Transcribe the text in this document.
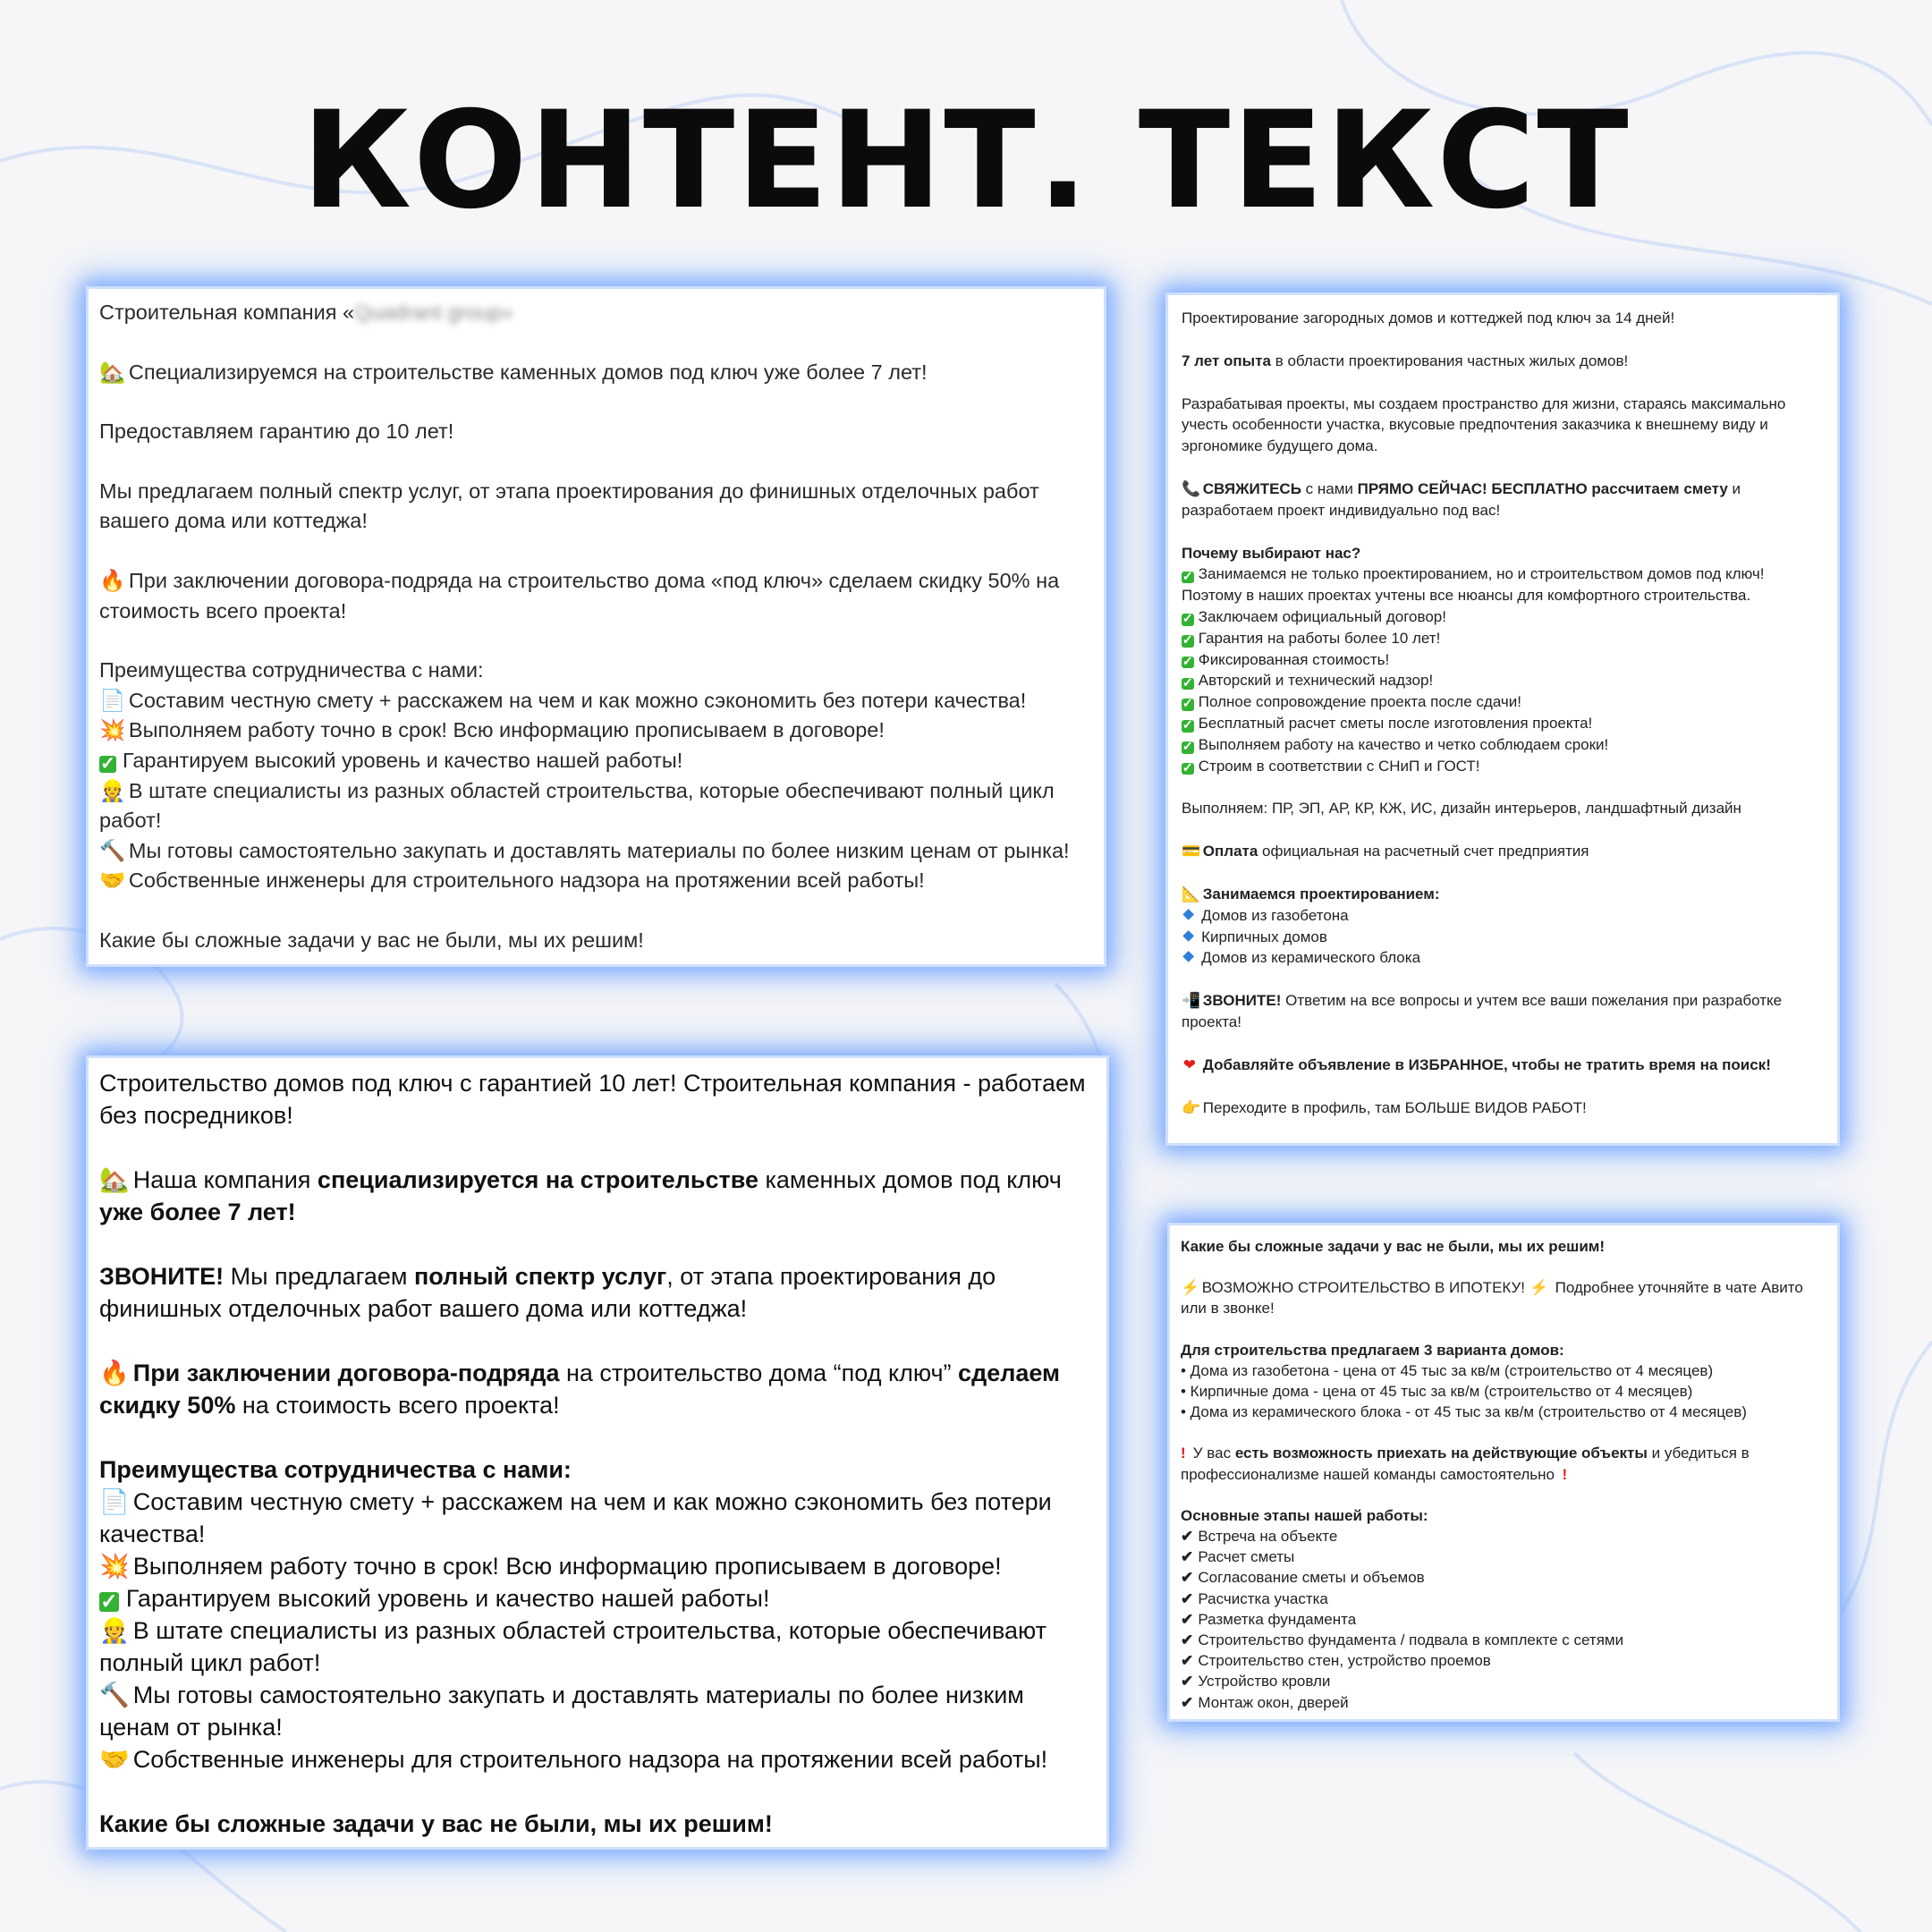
КОНТЕНТ. ТЕКСТ

Строительная компания «Quadrant group»

🏡 Специализируемся на строительстве каменных домов под ключ уже более 7 лет!

Предоставляем гарантию до 10 лет!

Мы предлагаем полный спектр услуг, от этапа проектирования до финишных отделочных работ

вашего дома или коттеджа!

🔥 При заключении договора-подряда на строительство дома «под ключ» сделаем скидку 50% на

стоимость всего проекта!

Преимущества сотрудничества с нами:

📄 Составим честную смету + расскажем на чем и как можно сэкономить без потери качества!

💥 Выполняем работу точно в срок! Всю информацию прописываем в договоре!

✓ Гарантируем высокий уровень и качество нашей работы!

👷 В штате специалисты из разных областей строительства, которые обеспечивают полный цикл

работ!

🔨 Мы готовы самостоятельно закупать и доставлять материалы по более низким ценам от рынка!

🤝 Собственные инженеры для строительного надзора на протяжении всей работы!

Какие бы сложные задачи у вас не были, мы их решим!

Проектирование загородных домов и коттеджей под ключ за 14 дней!

7 лет опыта в области проектирования частных жилых домов!

Разрабатывая проекты, мы создаем пространство для жизни, стараясь максимально

учесть особенности участка, вкусовые предпочтения заказчика к внешнему виду и

эргономике будущего дома.

📞 СВЯЖИТЕСЬ с нами ПРЯМО СЕЙЧАС! БЕСПЛАТНО рассчитаем смету и

разработаем проект индивидуально под вас!

Почему выбирают нас?

✓ Занимаемся не только проектированием, но и строительством домов под ключ!

Поэтому в наших проектах учтены все нюансы для комфортного строительства.

✓ Заключаем официальный договор!

✓ Гарантия на работы более 10 лет!

✓ Фиксированная стоимость!

✓ Авторский и технический надзор!

✓ Полное сопровождение проекта после сдачи!

✓ Бесплатный расчет сметы после изготовления проекта!

✓ Выполняем работу на качество и четко соблюдаем сроки!

✓ Строим в соответствии с СНиП и ГОСТ!

Выполняем: ПР, ЭП, АР, КР, КЖ, ИС, дизайн интерьеров, ландшафтный дизайн

💳 Оплата официальная на расчетный счет предприятия

📐 Занимаемся проектированием:

Домов из газобетона

Кирпичных домов

Домов из керамического блока

📲 ЗВОНИТЕ! Ответим на все вопросы и учтем все ваши пожелания при разработке

проекта!

❤ Добавляйте объявление в ИЗБРАННОЕ, чтобы не тратить время на поиск!

👉 Переходите в профиль, там БОЛЬШЕ ВИДОВ РАБОТ!

Строительство домов под ключ с гарантией 10 лет! Строительная компания - работаем

без посредников!

🏡 Наша компания специализируется на строительстве каменных домов под ключ

уже более 7 лет!

ЗВОНИТЕ! Мы предлагаем полный спектр услуг, от этапа проектирования до

финишных отделочных работ вашего дома или коттеджа!

🔥 При заключении договора-подряда на строительство дома “под ключ” сделаем

скидку 50% на стоимость всего проекта!

Преимущества сотрудничества с нами:

📄 Составим честную смету + расскажем на чем и как можно сэкономить без потери

качества!

💥 Выполняем работу точно в срок! Всю информацию прописываем в договоре!

✓ Гарантируем высокий уровень и качество нашей работы!

👷 В штате специалисты из разных областей строительства, которые обеспечивают

полный цикл работ!

🔨 Мы готовы самостоятельно закупать и доставлять материалы по более низким

ценам от рынка!

🤝 Собственные инженеры для строительного надзора на протяжении всей работы!

Какие бы сложные задачи у вас не были, мы их решим!

Какие бы сложные задачи у вас не были, мы их решим!

⚡ ВОЗМОЖНО СТРОИТЕЛЬСТВО В ИПОТЕКУ! ⚡ Подробнее уточняйте в чате Авито

или в звонке!

Для строительства предлагаем 3 варианта домов:

• Дома из газобетона - цена от 45 тыс за кв/м (строительство от 4 месяцев)

• Кирпичные дома - цена от 45 тыс за кв/м (строительство от 4 месяцев)

• Дома из керамического блока - от 45 тыс за кв/м (строительство от 4 месяцев)

! У вас есть возможность приехать на действующие объекты и убедиться в

профессионализме нашей команды самостоятельно !

Основные этапы нашей работы:

✔ Встреча на объекте

✔ Расчет сметы

✔ Согласование сметы и объемов

✔ Расчистка участка

✔ Разметка фундамента

✔ Строительство фундамента / подвала в комплекте с сетями

✔ Строительство стен, устройство проемов

✔ Устройство кровли

✔ Монтаж окон, дверей
